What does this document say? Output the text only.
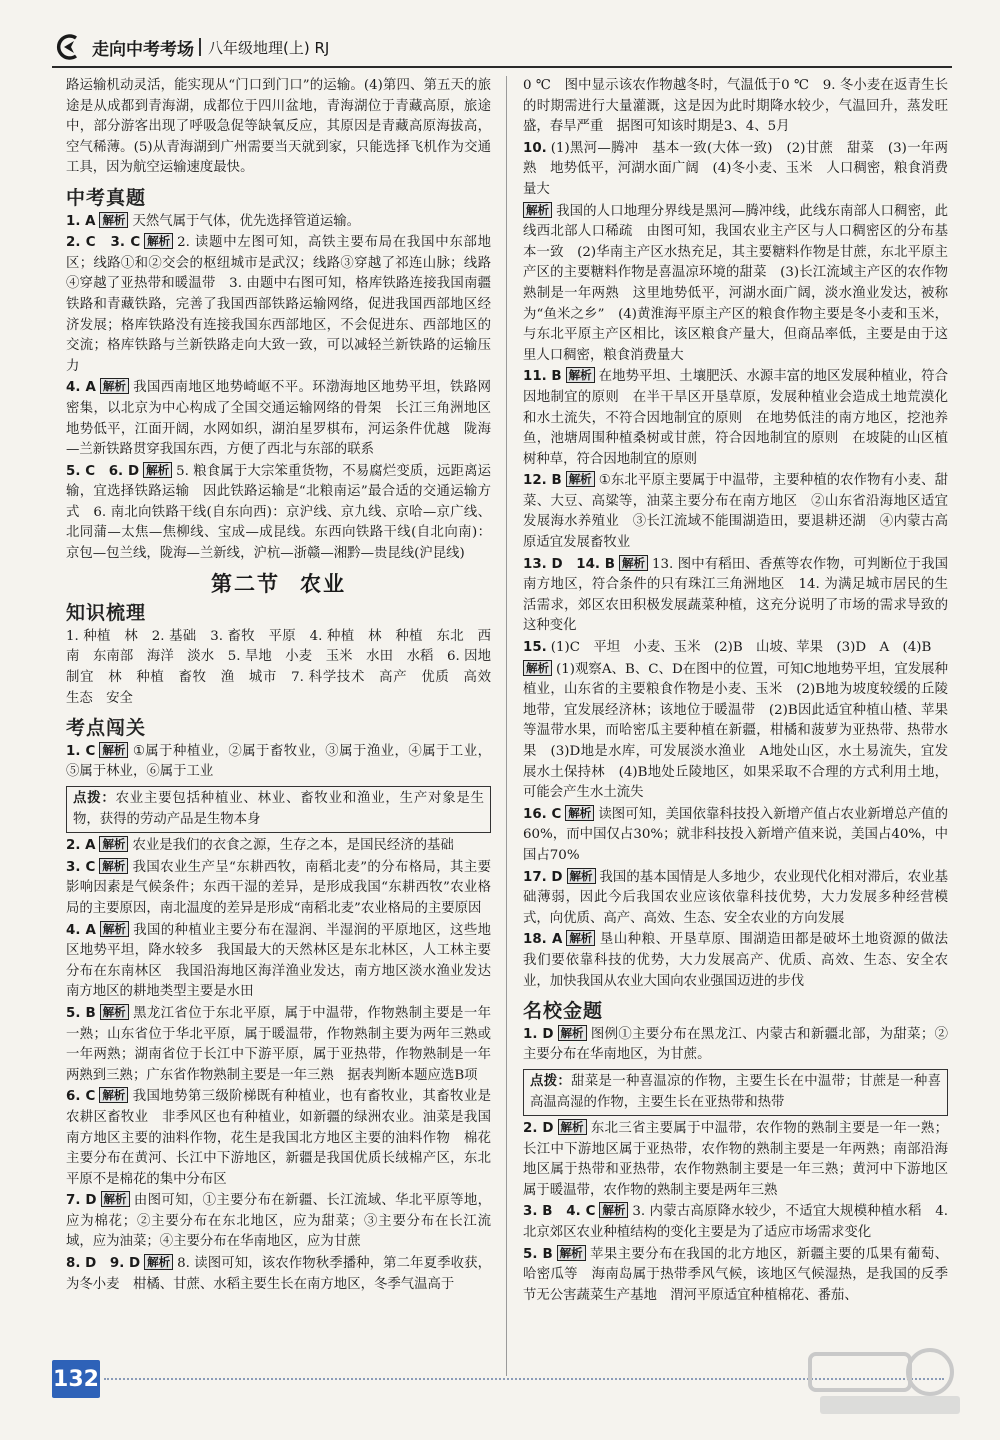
走向中考考场 八年级地理(上) RJ

路运输机动灵活，能实现从“门口到门口”的运输。(4)第四、第五天的旅途是从成都到青海湖，成都位于四川盆地，青海湖位于青藏高原，旅途中，部分游客出现了呼吸急促等缺氧反应，其原因是青藏高原海拔高，空气稀薄。(5)从青海湖到广州需要当天就到家，只能选择飞机作为交通工具，因为航空运输速度最快。

中考真题
1. A 解析 天然气属于气体，优先选择管道运输。
2. C　3. C 解析 2. 读题中左图可知，高铁主要布局在我国中东部地区；线路①和②交会的枢纽城市是武汉；线路③穿越了祁连山脉；线路④穿越了亚热带和暖温带　3. 由题中右图可知，格库铁路连接我国南疆铁路和青藏铁路，完善了我国西部铁路运输网络，促进我国西部地区经济发展；格库铁路没有连接我国东西部地区，不会促进东、西部地区的交流；格库铁路与兰新铁路走向大致一致，可以减轻兰新铁路的运输压力
4. A 解析 我国西南地区地势崎岖不平。环渤海地区地势平坦，铁路网密集，以北京为中心构成了全国交通运输网络的骨架　长江三角洲地区地势低平，江面开阔，水网如织，湖泊星罗棋布，河运条件优越　陇海—兰新铁路贯穿我国东西，方便了西北与东部的联系
5. C　6. D 解析 5. 粮食属于大宗笨重货物，不易腐烂变质，远距离运输，宜选择铁路运输　因此铁路运输是“北粮南运”最合适的交通运输方式　6. 南北向铁路干线(自东向西)：京沪线、京九线、京哈—京广线、北同蒲—太焦—焦柳线、宝成—成昆线。东西向铁路干线(自北向南)：京包—包兰线，陇海—兰新线，沪杭—浙赣—湘黔—贵昆线(沪昆线)
第二节 农业
知识梳理

1. 种植　林　2. 基础　3. 畜牧　平原　4. 种植　林　种植　东北　西南　东南部　海洋　淡水　5. 旱地　小麦　玉米　水田　水稻　6. 因地制宜　林　种植　畜牧　渔　城市　7. 科学技术　高产　优质　高效　生态　安全

考点闯关
1. C 解析 ①属于种植业，②属于畜牧业，③属于渔业，④属于工业，⑤属于林业，⑥属于工业
点拨：农业主要包括种植业、林业、畜牧业和渔业，生产对象是生物，获得的劳动产品是生物本身
2. A 解析 农业是我们的衣食之源，生存之本，是国民经济的基础
3. C 解析 我国农业生产呈“东耕西牧，南稻北麦”的分布格局，其主要影响因素是气候条件；东西干湿的差异，是形成我国“东耕西牧”农业格局的主要原因，南北温度的差异是形成“南稻北麦”农业格局的主要原因
4. A 解析 我国的种植业主要分布在湿润、半湿润的平原地区，这些地区地势平坦，降水较多　我国最大的天然林区是东北林区，人工林主要分布在东南林区　我国沿海地区海洋渔业发达，南方地区淡水渔业发达　南方地区的耕地类型主要是水田
5. B 解析 黑龙江省位于东北平原，属于中温带，作物熟制主要是一年一熟；山东省位于华北平原，属于暖温带，作物熟制主要为两年三熟或一年两熟；湖南省位于长江中下游平原，属于亚热带，作物熟制是一年两熟到三熟；广东省作物熟制主要是一年三熟　据表判断本题应选B项
6. C 解析 我国地势第三级阶梯既有种植业，也有畜牧业，其畜牧业是农耕区畜牧业　非季风区也有种植业，如新疆的绿洲农业。油菜是我国南方地区主要的油料作物，花生是我国北方地区主要的油料作物　棉花主要分布在黄河、长江中下游地区，新疆是我国优质长绒棉产区，东北平原不是棉花的集中分布区
7. D 解析 由图可知，①主要分布在新疆、长江流域、华北平原等地，应为棉花；②主要分布在东北地区，应为甜菜；③主要分布在长江流域，应为油菜；④主要分布在华南地区，应为甘蔗
8. D　9. D 解析 8. 读图可知，该农作物秋季播种，第二年夏季收获，为冬小麦　柑橘、甘蔗、水稻主要生长在南方地区，冬季气温高于

0 ℃　图中显示该农作物越冬时，气温低于0 ℃　9. 冬小麦在返青生长的时期需进行大量灌溉，这是因为此时期降水较少，气温回升，蒸发旺盛，春旱严重　据图可知该时期是3、4、5月

10. (1)黑河—腾冲　基本一致(大体一致)　(2)甘蔗　甜菜　(3)一年两熟　地势低平，河湖水面广阔　(4)冬小麦、玉米　人口稠密，粮食消费量大
解析 我国的人口地理分界线是黑河—腾冲线，此线东南部人口稠密，此线西北部人口稀疏　由图可知，我国农业主产区与人口稠密区的分布基本一致　(2)华南主产区水热充足，其主要糖料作物是甘蔗，东北平原主产区的主要糖料作物是喜温凉环境的甜菜　(3)长江流域主产区的农作物熟制是一年两熟　这里地势低平，河湖水面广阔，淡水渔业发达，被称为“鱼米之乡”　(4)黄淮海平原主产区的粮食作物主要是冬小麦和玉米，与东北平原主产区相比，该区粮食产量大，但商品率低，主要是由于这里人口稠密，粮食消费量大
11. B 解析 在地势平坦、土壤肥沃、水源丰富的地区发展种植业，符合因地制宜的原则　在半干旱区开垦草原，发展种植业会造成土地荒漠化和水土流失，不符合因地制宜的原则　在地势低洼的南方地区，挖池养鱼，池塘周围种植桑树或甘蔗，符合因地制宜的原则　在坡陡的山区植树种草，符合因地制宜的原则
12. B 解析 ①东北平原主要属于中温带，主要种植的农作物有小麦、甜菜、大豆、高粱等，油菜主要分布在南方地区　②山东省沿海地区适宜发展海水养殖业　③长江流域不能围湖造田，要退耕还湖　④内蒙古高原适宜发展畜牧业
13. D　14. B 解析 13. 图中有稻田、香蕉等农作物，可判断位于我国南方地区，符合条件的只有珠江三角洲地区　14. 为满足城市居民的生活需求，郊区农田积极发展蔬菜种植，这充分说明了市场的需求导致的这种变化
15. (1)C　平坦　小麦、玉米　(2)B　山坡、苹果　(3)D　A　(4)B
解析 (1)观察A、B、C、D在图中的位置，可知C地地势平坦，宜发展种植业，山东省的主要粮食作物是小麦、玉米　(2)B地为坡度较缓的丘陵地带，宜发展经济林；该地位于暖温带　(2)B因此适宜种植山楂、苹果等温带水果，而哈密瓜主要种植在新疆，柑橘和菠萝为亚热带、热带水果　(3)D地是水库，可发展淡水渔业　A地处山区，水土易流失，宜发展水土保持林　(4)B地处丘陵地区，如果采取不合理的方式利用土地，可能会产生水土流失
16. C 解析 读图可知，美国依靠科技投入新增产值占农业新增总产值的60%，而中国仅占30%；就非科技投入新增产值来说，美国占40%，中国占70%
17. D 解析 我国的基本国情是人多地少，农业现代化相对滞后，农业基础薄弱，因此今后我国农业应该依靠科技优势，大力发展多种经营模式，向优质、高产、高效、生态、安全农业的方向发展
18. A 解析 垦山种粮、开垦草原、围湖造田都是破坏土地资源的做法　我们要依靠科技的优势，大力发展高产、优质、高效、生态、安全农业，加快我国从农业大国向农业强国迈进的步伐
名校金题
1. D 解析 图例①主要分布在黑龙江、内蒙古和新疆北部，为甜菜；②主要分布在华南地区，为甘蔗。
点拨：甜菜是一种喜温凉的作物，主要生长在中温带；甘蔗是一种喜高温高湿的作物，主要生长在亚热带和热带
2. D 解析 东北三省主要属于中温带，农作物的熟制主要是一年一熟；长江中下游地区属于亚热带，农作物的熟制主要是一年两熟；南部沿海地区属于热带和亚热带，农作物熟制主要是一年三熟；黄河中下游地区属于暖温带，农作物的熟制主要是两年三熟
3. B　4. C 解析 3. 内蒙古高原降水较少，不适宜大规模种植水稻　4. 北京郊区农业种植结构的变化主要是为了适应市场需求变化
5. B 解析 苹果主要分布在我国的北方地区，新疆主要的瓜果有葡萄、哈密瓜等　海南岛属于热带季风气候，该地区气候湿热，是我国的反季节无公害蔬菜生产基地　渭河平原适宜种植棉花、番茄、
132
